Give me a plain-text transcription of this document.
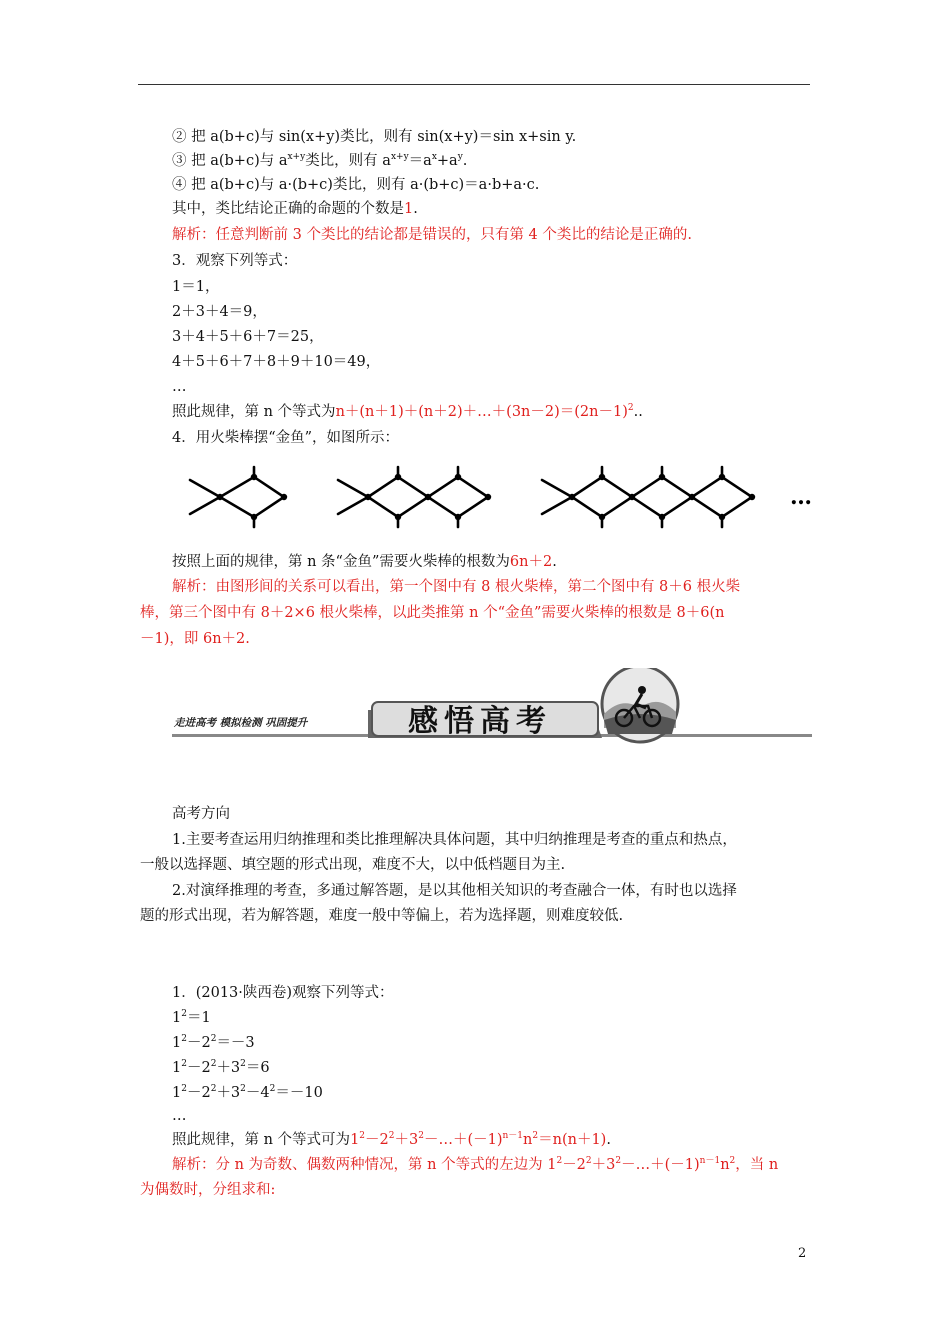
② 把 a(b+c)与 sin(x+y)类比，则有 sin(x+y)＝sin x+sin y.
③ 把 a(b+c)与 $a^{x+y}$类比，则有 $a^{x+y}=a^x+a^y$.
④ 把 a(b+c)与 a·(b+c)类比，则有 a·(b+c)＝a·b+a·c.
其中，类比结论正确的命题的个数是1.
解析：任意判断前 3 个类比的结论都是错误的，只有第 4 个类比的结论是正确的.
3．观察下列等式：
1＝1，
2＋3＋4＝9，
3＋4＋5＋6＋7＝25，
4＋5＋6＋7＋8＋9＋10＝49，
…
照此规律，第 n 个等式为$n+(n+1)+(n+2)+\dots+(3n-2)=(2n-1)^2$..
4．用火柴棒摆“金鱼”，如图所示：
…
按照上面的规律，第 n 条“金鱼”需要火柴棒的根数为6n＋2.
解析：由图形间的关系可以看出，第一个图中有 8 根火柴棒，第二个图中有 8＋6 根火柴
棒，第三个图中有 8＋2×6 根火柴棒，以此类推第 n 个“金鱼”需要火柴棒的根数是 8＋6(n
－1)，即 6n＋2.
走进高考 模拟检测 巩固提升	感悟高考
高考方向
1.主要考查运用归纳推理和类比推理解决具体问题，其中归纳推理是考查的重点和热点，
一般以选择题、填空题的形式出现，难度不大，以中低档题目为主.
2.对演绎推理的考查，多通过解答题，是以其他相关知识的考查融合一体，有时也以选择
题的形式出现，若为解答题，难度一般中等偏上，若为选择题，则难度较低.
1．(2013·陕西卷)观察下列等式：
$1^2=1$
$1^2-2^2=-3$
$1^2-2^2+3^2=6$
$1^2-2^2+3^2-4^2=-10$
…
照此规律，第 n 个等式可为$1^2-2^2+3^2-\dots+(-1)^{n-1}n^2=n(n+1)$.
解析：分 n 为奇数、偶数两种情况，第 n 个等式的左边为 $1^2-2^2+3^2-\dots+(-1)^{n-1}n^2$，当 n
为偶数时，分组求和:
2
